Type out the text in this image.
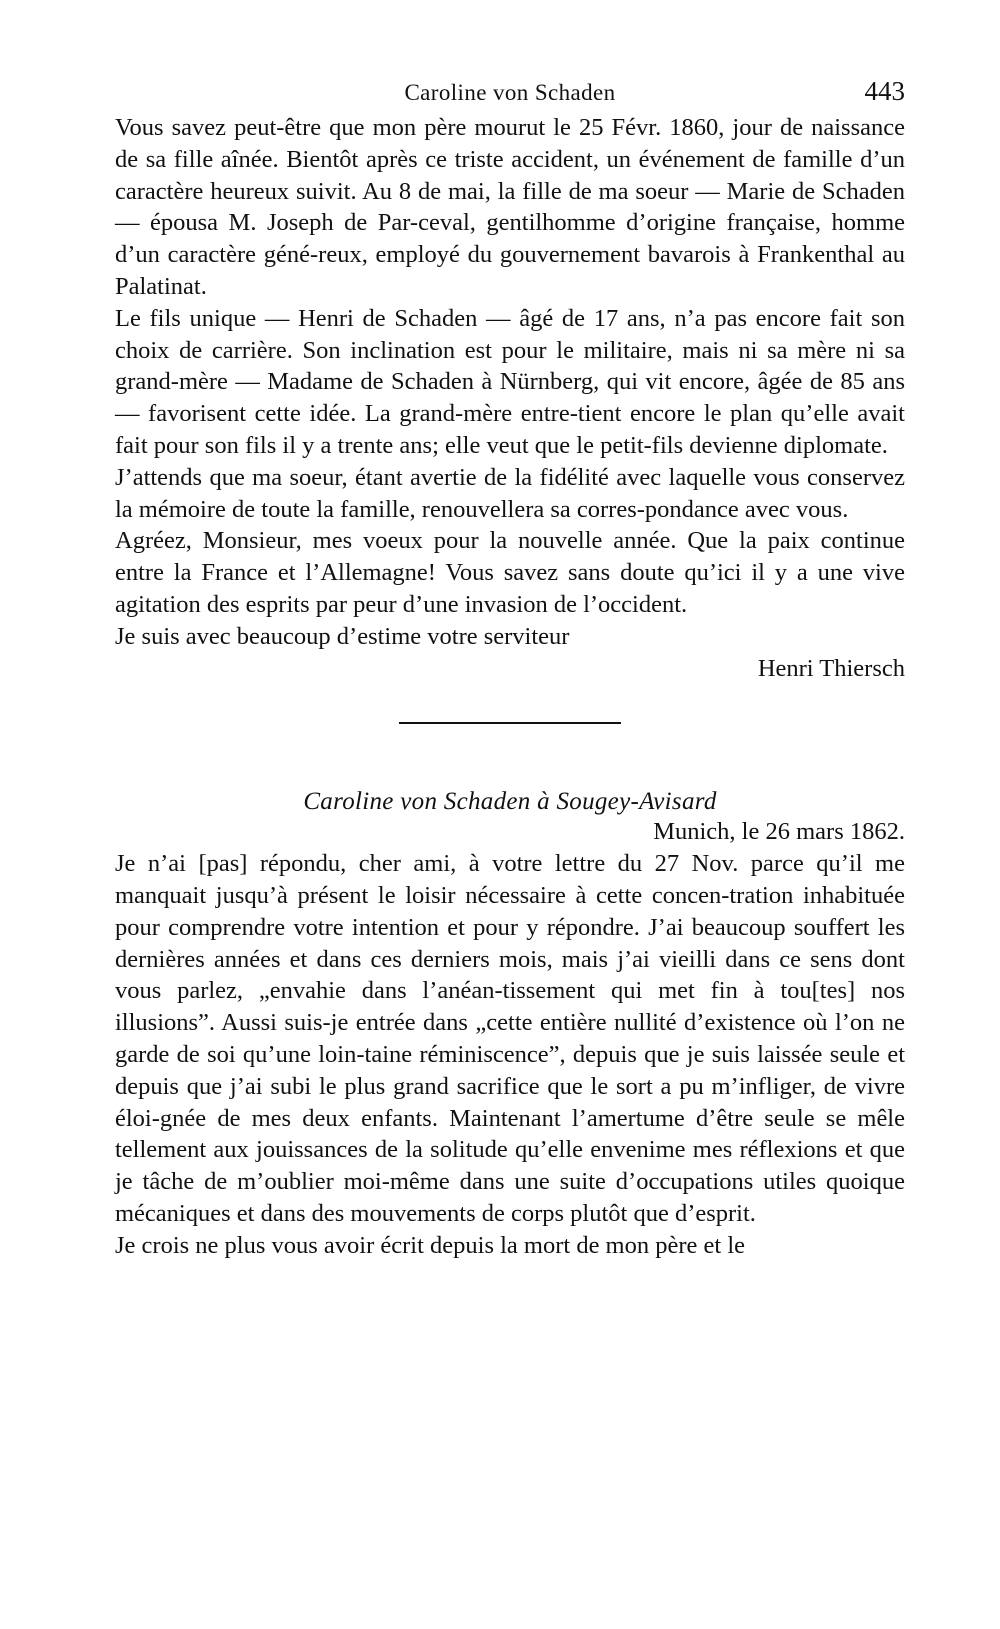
Caroline von Schaden	443

Vous savez peut-être que mon père mourut le 25 Févr. 1860, jour de naissance de sa fille aînée. Bientôt après ce triste accident, un événement de famille d’un caractère heureux suivit. Au 8 de mai, la fille de ma soeur — Marie de Schaden — épousa M. Joseph de Par-ceval, gentilhomme d’origine française, homme d’un caractère géné-reux, employé du gouvernement bavarois à Frankenthal au Palatinat.

Le fils unique — Henri de Schaden — âgé de 17 ans, n’a pas encore fait son choix de carrière. Son inclination est pour le militaire, mais ni sa mère ni sa grand-mère — Madame de Schaden à Nürnberg, qui vit encore, âgée de 85 ans — favorisent cette idée. La grand-mère entre-tient encore le plan qu’elle avait fait pour son fils il y a trente ans; elle veut que le petit-fils devienne diplomate.

J’attends que ma soeur, étant avertie de la fidélité avec laquelle vous conservez la mémoire de toute la famille, renouvellera sa corres-pondance avec vous.

Agréez, Monsieur, mes voeux pour la nouvelle année. Que la paix continue entre la France et l’Allemagne! Vous savez sans doute qu’ici il y a une vive agitation des esprits par peur d’une invasion de l’occident.

Je suis avec beaucoup d’estime votre serviteur

Henri Thiersch

Caroline von Schaden à Sougey-Avisard

Munich, le 26 mars 1862.

Je n’ai [pas] répondu, cher ami, à votre lettre du 27 Nov. parce qu’il me manquait jusqu’à présent le loisir nécessaire à cette concen-tration inhabituée pour comprendre votre intention et pour y répondre. J’ai beaucoup souffert les dernières années et dans ces derniers mois, mais j’ai vieilli dans ce sens dont vous parlez, „envahie dans l’anéan-tissement qui met fin à tou[tes] nos illusions”. Aussi suis-je entrée dans „cette entière nullité d’existence où l’on ne garde de soi qu’une loin-taine réminiscence”, depuis que je suis laissée seule et depuis que j’ai subi le plus grand sacrifice que le sort a pu m’infliger, de vivre éloi-gnée de mes deux enfants. Maintenant l’amertume d’être seule se mêle tellement aux jouissances de la solitude qu’elle envenime mes réflexions et que je tâche de m’oublier moi-même dans une suite d’occupations utiles quoique mécaniques et dans des mouvements de corps plutôt que d’esprit.

Je crois ne plus vous avoir écrit depuis la mort de mon père et le
